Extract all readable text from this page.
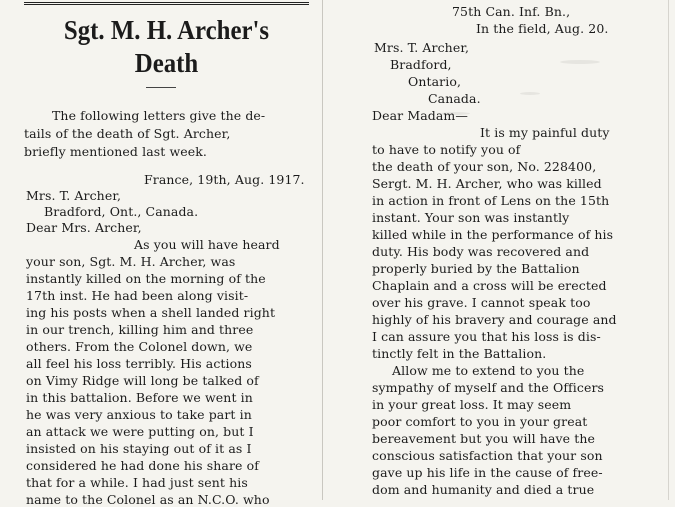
Sgt. M. H. Archer's
Death
The following letters give the de-
tails of the death of Sgt. Archer,
briefly mentioned last week.
France, 19th, Aug. 1917.
Mrs. T. Archer,
Bradford, Ont., Canada.
Dear Mrs. Archer,
As you will have heard
your son, Sgt. M. H. Archer, was
instantly killed on the morning of the
17th inst. He had been along visit-
ing his posts when a shell landed right
in our trench, killing him and three
others. From the Colonel down, we
all feel his loss terribly. His actions
on Vimy Ridge will long be talked of
in this battalion. Before we went in
he was very anxious to take part in
an attack we were putting on, but I
insisted on his staying out of it as I
considered he had done his share of
that for a while. I had just sent his
name to the Colonel as an N.C.O. who
75th Can. Inf. Bn.,
In the field, Aug. 20.
Mrs. T. Archer,
Bradford,
Ontario,
Canada.
Dear Madam—
It is my painful duty
to have to notify you of
the death of your son, No. 228400,
Sergt. M. H. Archer, who was killed
in action in front of Lens on the 15th
instant. Your son was instantly
killed while in the performance of his
duty. His body was recovered and
properly buried by the Battalion
Chaplain and a cross will be erected
over his grave. I cannot speak too
highly of his bravery and courage and
I can assure you that his loss is dis-
tinctly felt in the Battalion.
Allow me to extend to you the
sympathy of myself and the Officers
in your great loss. It may seem
poor comfort to you in your great
bereavement but you will have the
conscious satisfaction that your son
gave up his life in the cause of free-
dom and humanity and died a true
